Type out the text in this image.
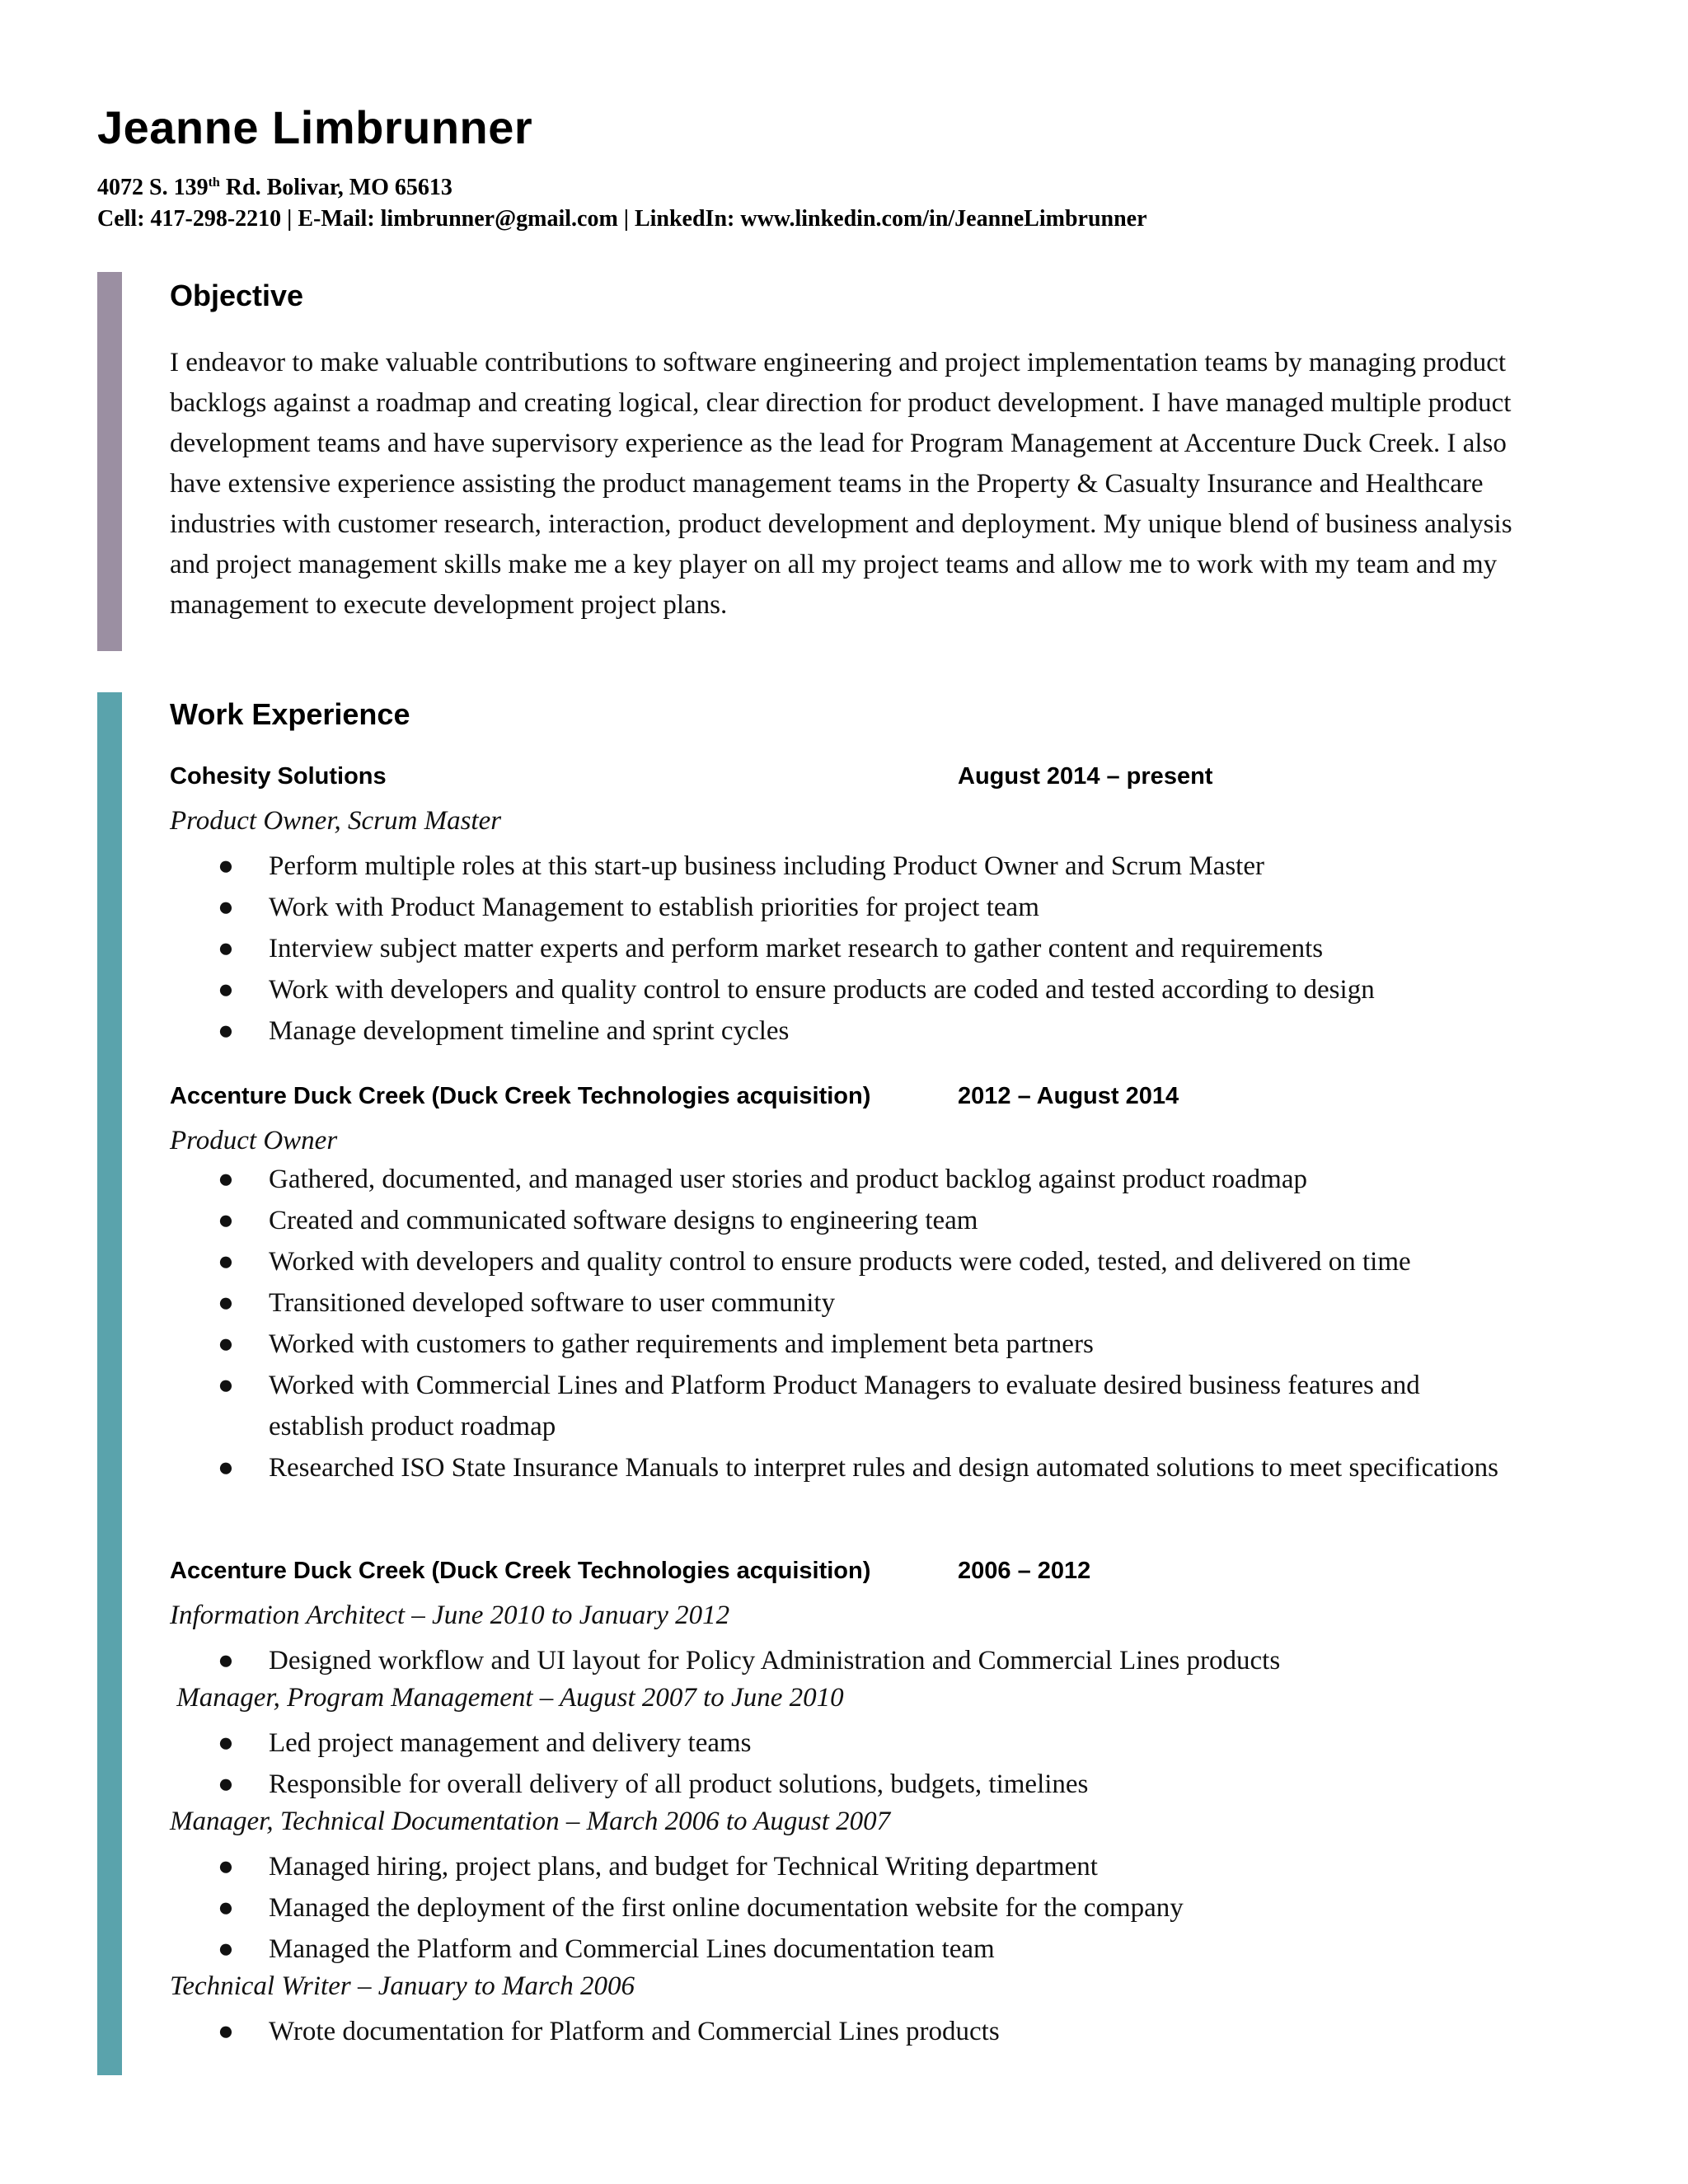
Jeanne Limbrunner
4072 S. 139th Rd. Bolivar, MO 65613
Cell: 417-298-2210 | E-Mail: limbrunner@gmail.com | LinkedIn: www.linkedin.com/in/JeanneLimbrunner
Objective
I endeavor to make valuable contributions to software engineering and project implementation teams by managing product backlogs against a roadmap and creating logical, clear direction for product development. I have managed multiple product development teams and have supervisory experience as the lead for Program Management at Accenture Duck Creek. I also have extensive experience assisting the product management teams in the Property & Casualty Insurance and Healthcare industries with customer research, interaction, product development and deployment. My unique blend of business analysis and project management skills make me a key player on all my project teams and allow me to work with my team and my management to execute development project plans.
Work Experience
Cohesity Solutions	August 2014 – present
Product Owner, Scrum Master
● Perform multiple roles at this start-up business including Product Owner and Scrum Master
● Work with Product Management to establish priorities for project team
● Interview subject matter experts and perform market research to gather content and requirements
● Work with developers and quality control to ensure products are coded and tested according to design
● Manage development timeline and sprint cycles
Accenture Duck Creek (Duck Creek Technologies acquisition)	2012 – August 2014
Product Owner
● Gathered, documented, and managed user stories and product backlog against product roadmap
● Created and communicated software designs to engineering team
● Worked with developers and quality control to ensure products were coded, tested, and delivered on time
● Transitioned developed software to user community
● Worked with customers to gather requirements and implement beta partners
● Worked with Commercial Lines and Platform Product Managers to evaluate desired business features and establish product roadmap
● Researched ISO State Insurance Manuals to interpret rules and design automated solutions to meet specifications
Accenture Duck Creek (Duck Creek Technologies acquisition)	2006 – 2012
Information Architect – June 2010 to January 2012
● Designed workflow and UI layout for Policy Administration and Commercial Lines products
Manager, Program Management – August 2007 to June 2010
● Led project management and delivery teams
● Responsible for overall delivery of all product solutions, budgets, timelines
Manager, Technical Documentation – March 2006 to August 2007
● Managed hiring, project plans, and budget for Technical Writing department
● Managed the deployment of the first online documentation website for the company
● Managed the Platform and Commercial Lines documentation team
Technical Writer – January to March 2006
● Wrote documentation for Platform and Commercial Lines products
